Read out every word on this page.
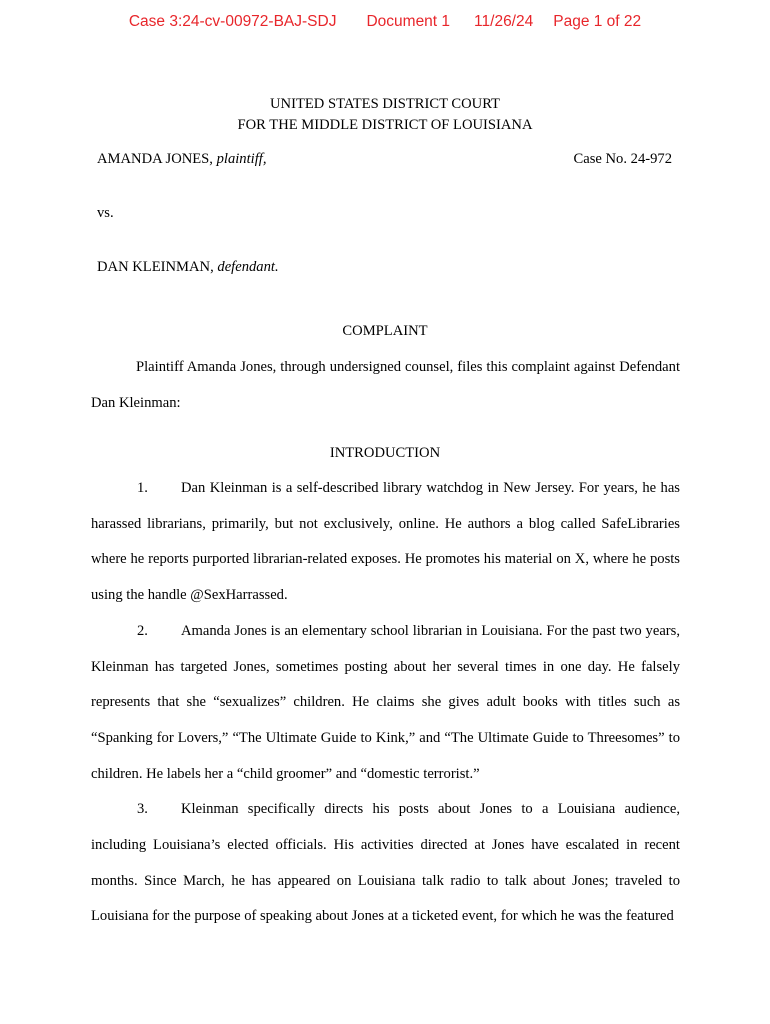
Case 3:24-cv-00972-BAJ-SDJ Document 1 11/26/24 Page 1 of 22
UNITED STATES DISTRICT COURT
FOR THE MIDDLE DISTRICT OF LOUISIANA
AMANDA JONES, plaintiff,	Case No. 24-972
vs.
DAN KLEINMAN, defendant.
COMPLAINT

Plaintiff Amanda Jones, through undersigned counsel, files this complaint against Defendant Dan Kleinman:

INTRODUCTION

1. Dan Kleinman is a self-described library watchdog in New Jersey. For years, he has harassed librarians, primarily, but not exclusively, online. He authors a blog called SafeLibraries where he reports purported librarian-related exposes. He promotes his material on X, where he posts using the handle @SexHarrassed.

2. Amanda Jones is an elementary school librarian in Louisiana. For the past two years, Kleinman has targeted Jones, sometimes posting about her several times in one day. He falsely represents that she “sexualizes” children. He claims she gives adult books with titles such as “Spanking for Lovers,” “The Ultimate Guide to Kink,” and “The Ultimate Guide to Threesomes” to children. He labels her a “child groomer” and “domestic terrorist.”

3. Kleinman specifically directs his posts about Jones to a Louisiana audience, including Louisiana’s elected officials. His activities directed at Jones have escalated in recent months. Since March, he has appeared on Louisiana talk radio to talk about Jones; traveled to Louisiana for the purpose of speaking about Jones at a ticketed event, for which he was the featured
